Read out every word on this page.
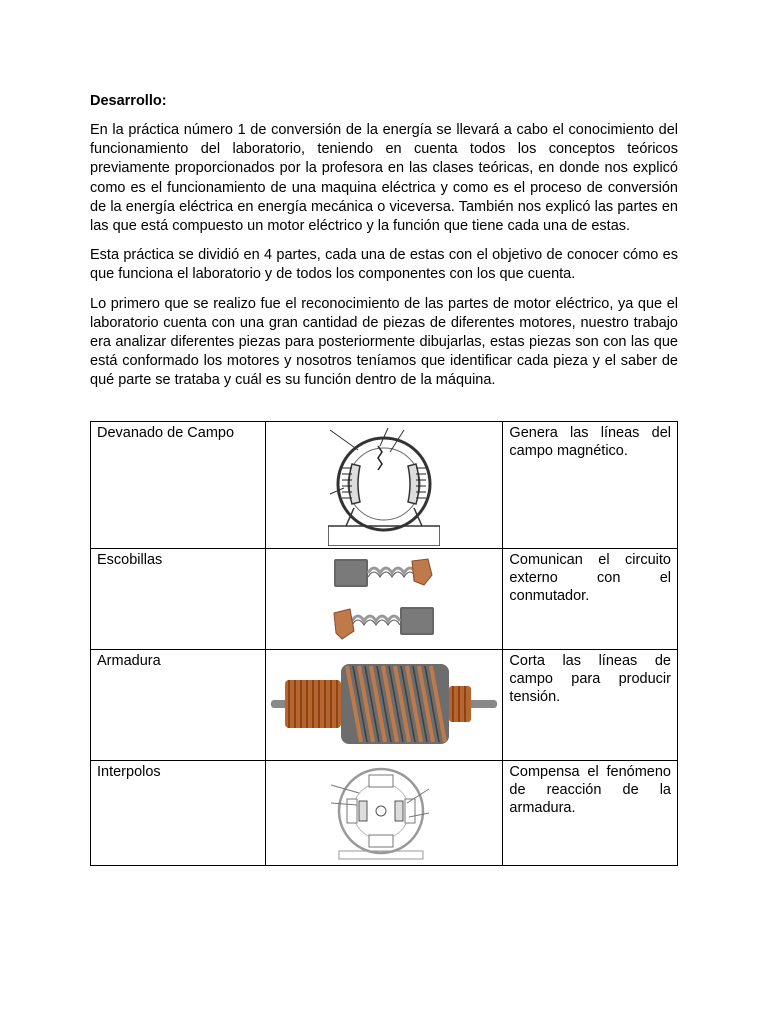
Desarrollo:

En la práctica número 1 de conversión de la energía se llevará a cabo el conocimiento del funcionamiento del laboratorio, teniendo en cuenta todos los conceptos teóricos previamente proporcionados por la profesora en las clases teóricas, en donde nos explicó como es el funcionamiento de una maquina eléctrica y como es el proceso de conversión de la energía eléctrica en energía mecánica o viceversa. También nos explicó las partes en las que está compuesto un motor eléctrico y la función que tiene cada una de estas.

Esta práctica se dividió en 4 partes, cada una de estas con el objetivo de conocer cómo es que funciona el laboratorio y de todos los componentes con los que cuenta.

Lo primero que se realizo fue el reconocimiento de las partes de motor eléctrico, ya que el laboratorio cuenta con una gran cantidad de piezas de diferentes motores, nuestro trabajo era analizar diferentes piezas para posteriormente dibujarlas, estas piezas son con las que está conformado los motores y nosotros teníamos que identificar cada pieza y el saber de qué parte se trataba y cuál es su función dentro de la máquina.

Devanado de Campo		Genera las líneas del campo magnético.
Escobillas		Comunican el circuito externo con el conmutador.
Armadura		Corta las líneas de campo para producir tensión.
Interpolos		Compensa el fenómeno de reacción de la armadura.
